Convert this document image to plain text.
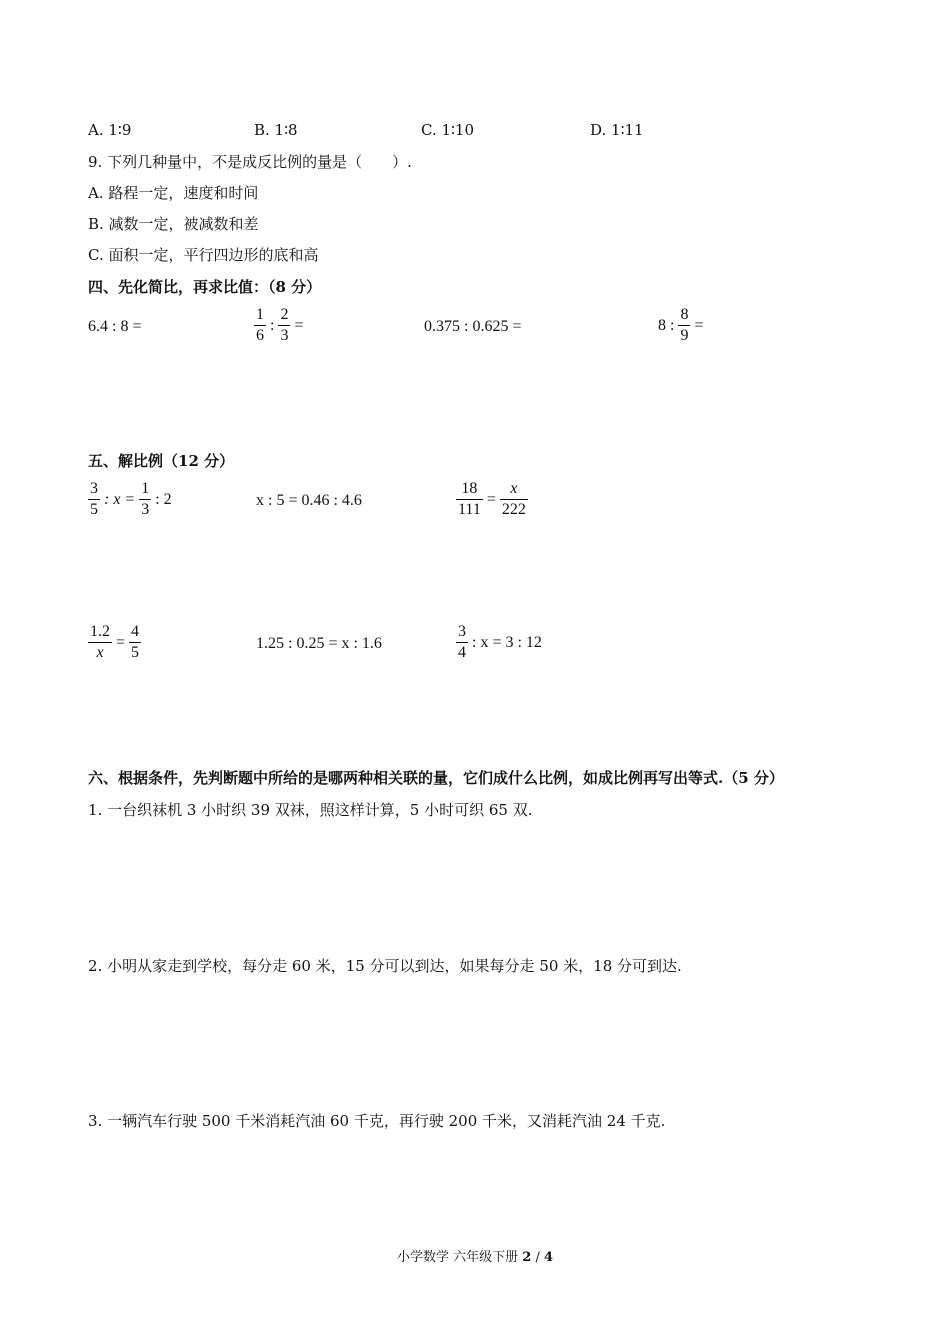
A. 1∶9	B. 1∶8	C. 1∶10	D. 1∶11
9. 下列几种量中，不是成反比例的量是（　　）.
A. 路程一定，速度和时间
B. 减数一定，被减数和差
C. 面积一定，平行四边形的底和高
四、先化简比，再求比值：（8 分）
6.4 : 8 =	$\frac{1}{6}$ : $\frac{2}{3}$ =	0.375 : 0.625 =	8 : $\frac{8}{9}$ =
五、解比例（12 分）
$\frac{3}{5}$ : $x = \frac{1}{3}$ : 2	x : 5 = 0.46 : 4.6	$\frac{18}{111} = \frac{x}{222}$
$\frac{1.2}{x} = \frac{4}{5}$	1.25 : 0.25 = x : 1.6	$\frac{3}{4}$ : x = 3 : 12
六、根据条件，先判断题中所给的是哪两种相关联的量，它们成什么比例，如成比例再写出等式.（5 分）
1. 一台织袜机 3 小时织 39 双袜，照这样计算，5 小时可织 65 双.
2. 小明从家走到学校，每分走 60 米，15 分可以到达，如果每分走 50 米，18 分可到达.
3. 一辆汽车行驶 500 千米消耗汽油 60 千克，再行驶 200 千米，又消耗汽油 24 千克.
小学数学 六年级下册 2 / 4
